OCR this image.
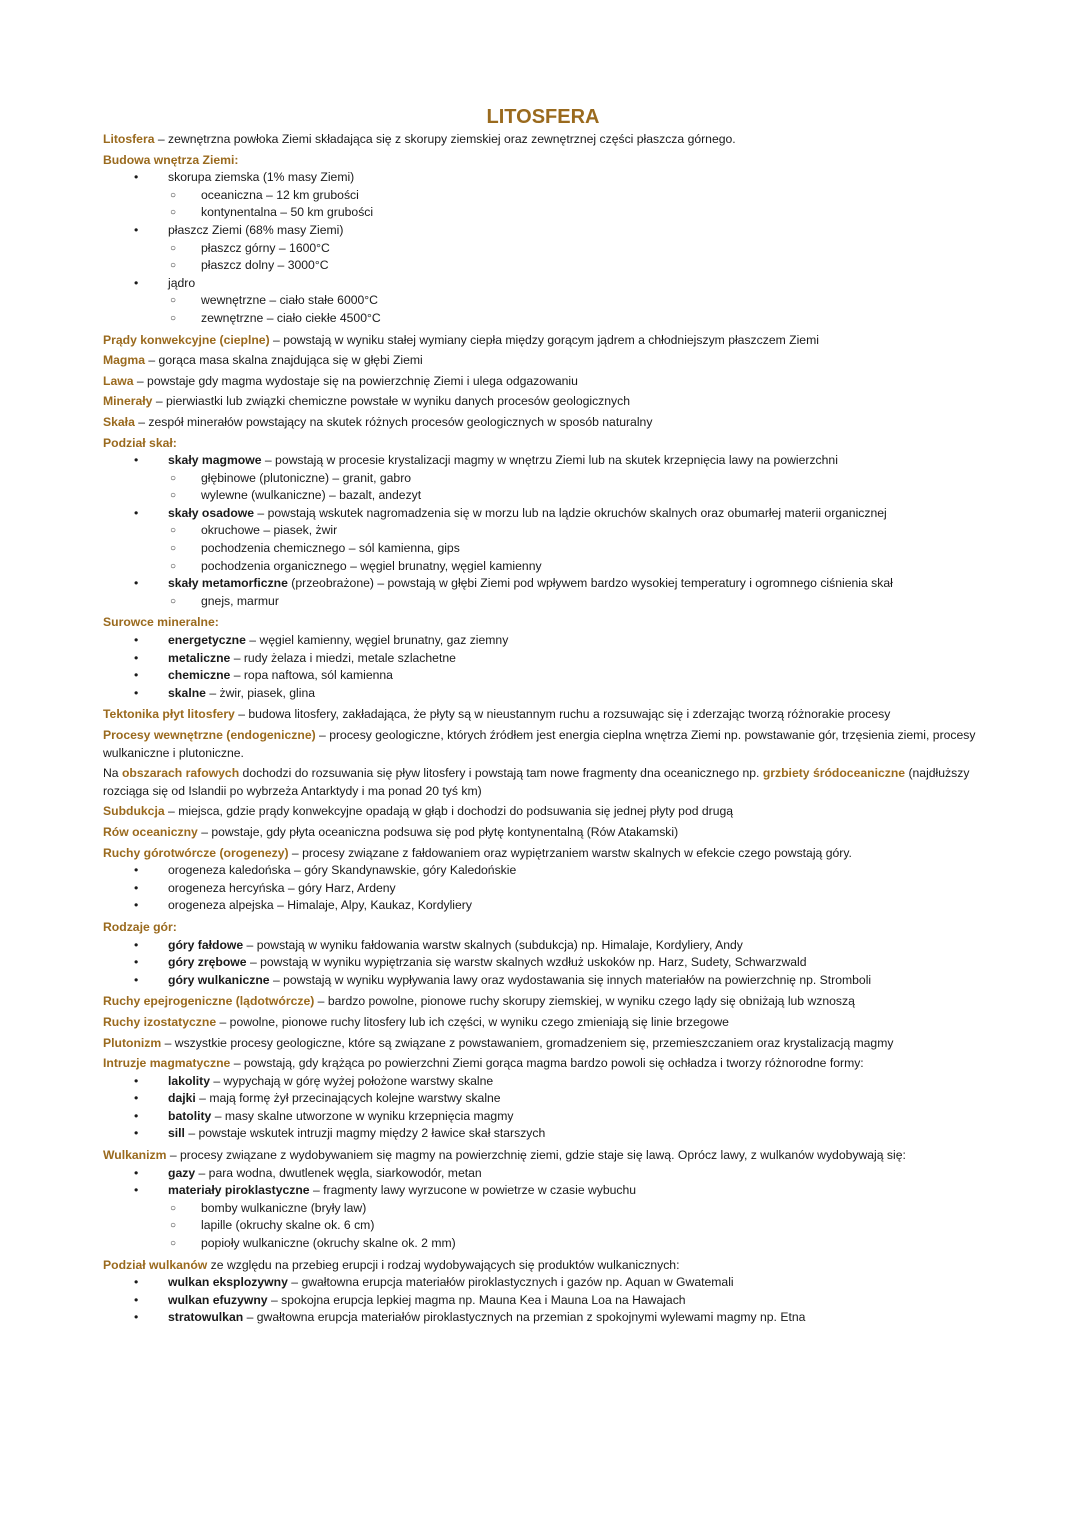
LITOSFERA

Litosfera – zewnętrzna powłoka Ziemi składająca się z skorupy ziemskiej oraz zewnętrznej części płaszcza górnego.

Budowa wnętrza Ziemi:
• skorupa ziemska (1% masy Ziemi)
○ oceaniczna – 12 km grubości
○ kontynentalna – 50 km grubości
• płaszcz Ziemi (68% masy Ziemi)
○ płaszcz górny – 1600°C
○ płaszcz dolny – 3000°C
• jądro
○ wewnętrzne – ciało stałe 6000°C
○ zewnętrzne – ciało ciekłe 4500°C

Prądy konwekcyjne (cieplne) – powstają w wyniku stałej wymiany ciepła między gorącym jądrem a chłodniejszym płaszczem Ziemi

Magma – gorąca masa skalna znajdująca się w głębi Ziemi

Lawa – powstaje gdy magma wydostaje się na powierzchnię Ziemi i ulega odgazowaniu

Minerały – pierwiastki lub związki chemiczne powstałe w wyniku danych procesów geologicznych

Skała – zespół minerałów powstający na skutek różnych procesów geologicznych w sposób naturalny

Podział skał:
• skały magmowe – powstają w procesie krystalizacji magmy w wnętrzu Ziemi lub na skutek krzepnięcia lawy na powierzchni
○ głębinowe (plutoniczne) – granit, gabro
○ wylewne (wulkaniczne) – bazalt, andezyt
• skały osadowe – powstają wskutek nagromadzenia się w morzu lub na lądzie okruchów skalnych oraz obumarłej materii organicznej
○ okruchowe – piasek, żwir
○ pochodzenia chemicznego – sól kamienna, gips
○ pochodzenia organicznego – węgiel brunatny, węgiel kamienny
• skały metamorficzne (przeobrażone) – powstają w głębi Ziemi pod wpływem bardzo wysokiej temperatury i ogromnego ciśnienia skał
○ gnejs, marmur
Surowce mineralne:
• energetyczne – węgiel kamienny, węgiel brunatny, gaz ziemny
• metaliczne – rudy żelaza i miedzi, metale szlachetne
• chemiczne – ropa naftowa, sól kamienna
• skalne – żwir, piasek, glina

Tektonika płyt litosfery – budowa litosfery, zakładająca, że płyty są w nieustannym ruchu a rozsuwając się i zderzając tworzą różnorakie procesy

Procesy wewnętrzne (endogeniczne) – procesy geologiczne, których źródłem jest energia cieplna wnętrza Ziemi np. powstawanie gór, trzęsienia ziemi, procesy wulkaniczne i plutoniczne.

Na obszarach rafowych dochodzi do rozsuwania się pływ litosfery i powstają tam nowe fragmenty dna oceanicznego np. grzbiety śródoceaniczne (najdłuższy rozciąga się od Islandii po wybrzeża Antarktydy i ma ponad 20 tyś km)

Subdukcja – miejsca, gdzie prądy konwekcyjne opadają w głąb i dochodzi do podsuwania się jednej płyty pod drugą

Rów oceaniczny – powstaje, gdy płyta oceaniczna podsuwa się pod płytę kontynentalną (Rów Atakamski)

Ruchy górotwórcze (orogenezy) – procesy związane z fałdowaniem oraz wypiętrzaniem warstw skalnych w efekcie czego powstają góry.

• orogeneza kaledońska – góry Skandynawskie, góry Kaledońskie
• orogeneza hercyńska – góry Harz, Ardeny
• orogeneza alpejska – Himalaje, Alpy, Kaukaz, Kordyliery
Rodzaje gór:
• góry fałdowe – powstają w wyniku fałdowania warstw skalnych (subdukcja) np. Himalaje, Kordyliery, Andy
• góry zrębowe – powstają w wyniku wypiętrzania się warstw skalnych wzdłuż uskoków np. Harz, Sudety, Schwarzwald
• góry wulkaniczne – powstają w wyniku wypływania lawy oraz wydostawania się innych materiałów na powierzchnię np. Stromboli

Ruchy epejrogeniczne (lądotwórcze) – bardzo powolne, pionowe ruchy skorupy ziemskiej, w wyniku czego lądy się obniżają lub wznoszą

Ruchy izostatyczne – powolne, pionowe ruchy litosfery lub ich części, w wyniku czego zmieniają się linie brzegowe

Plutonizm – wszystkie procesy geologiczne, które są związane z powstawaniem, gromadzeniem się, przemieszczaniem oraz krystalizacją magmy

Intruzje magmatyczne – powstają, gdy krążąca po powierzchni Ziemi gorąca magma bardzo powoli się ochładza i tworzy różnorodne formy:

• lakolity – wypychają w górę wyżej położone warstwy skalne
• dajki – mają formę żył przecinających kolejne warstwy skalne
• batolity – masy skalne utworzone w wyniku krzepnięcia magmy
• sill – powstaje wskutek intruzji magmy między 2 ławice skał starszych

Wulkanizm – procesy związane z wydobywaniem się magmy na powierzchnię ziemi, gdzie staje się lawą. Oprócz lawy, z wulkanów wydobywają się:

• gazy – para wodna, dwutlenek węgla, siarkowodór, metan
• materiały piroklastyczne – fragmenty lawy wyrzucone w powietrze w czasie wybuchu
○ bomby wulkaniczne (bryły law)
○ lapille (okruchy skalne ok. 6 cm)
○ popioły wulkaniczne (okruchy skalne ok. 2 mm)

Podział wulkanów ze względu na przebieg erupcji i rodzaj wydobywających się produktów wulkanicznych:

• wulkan eksplozywny – gwałtowna erupcja materiałów piroklastycznych i gazów np. Aquan w Gwatemali
• wulkan efuzywny – spokojna erupcja lepkiej magma np. Mauna Kea i Mauna Loa na Hawajach
• stratowulkan – gwałtowna erupcja materiałów piroklastycznych na przemian z spokojnymi wylewami magmy np. Etna
